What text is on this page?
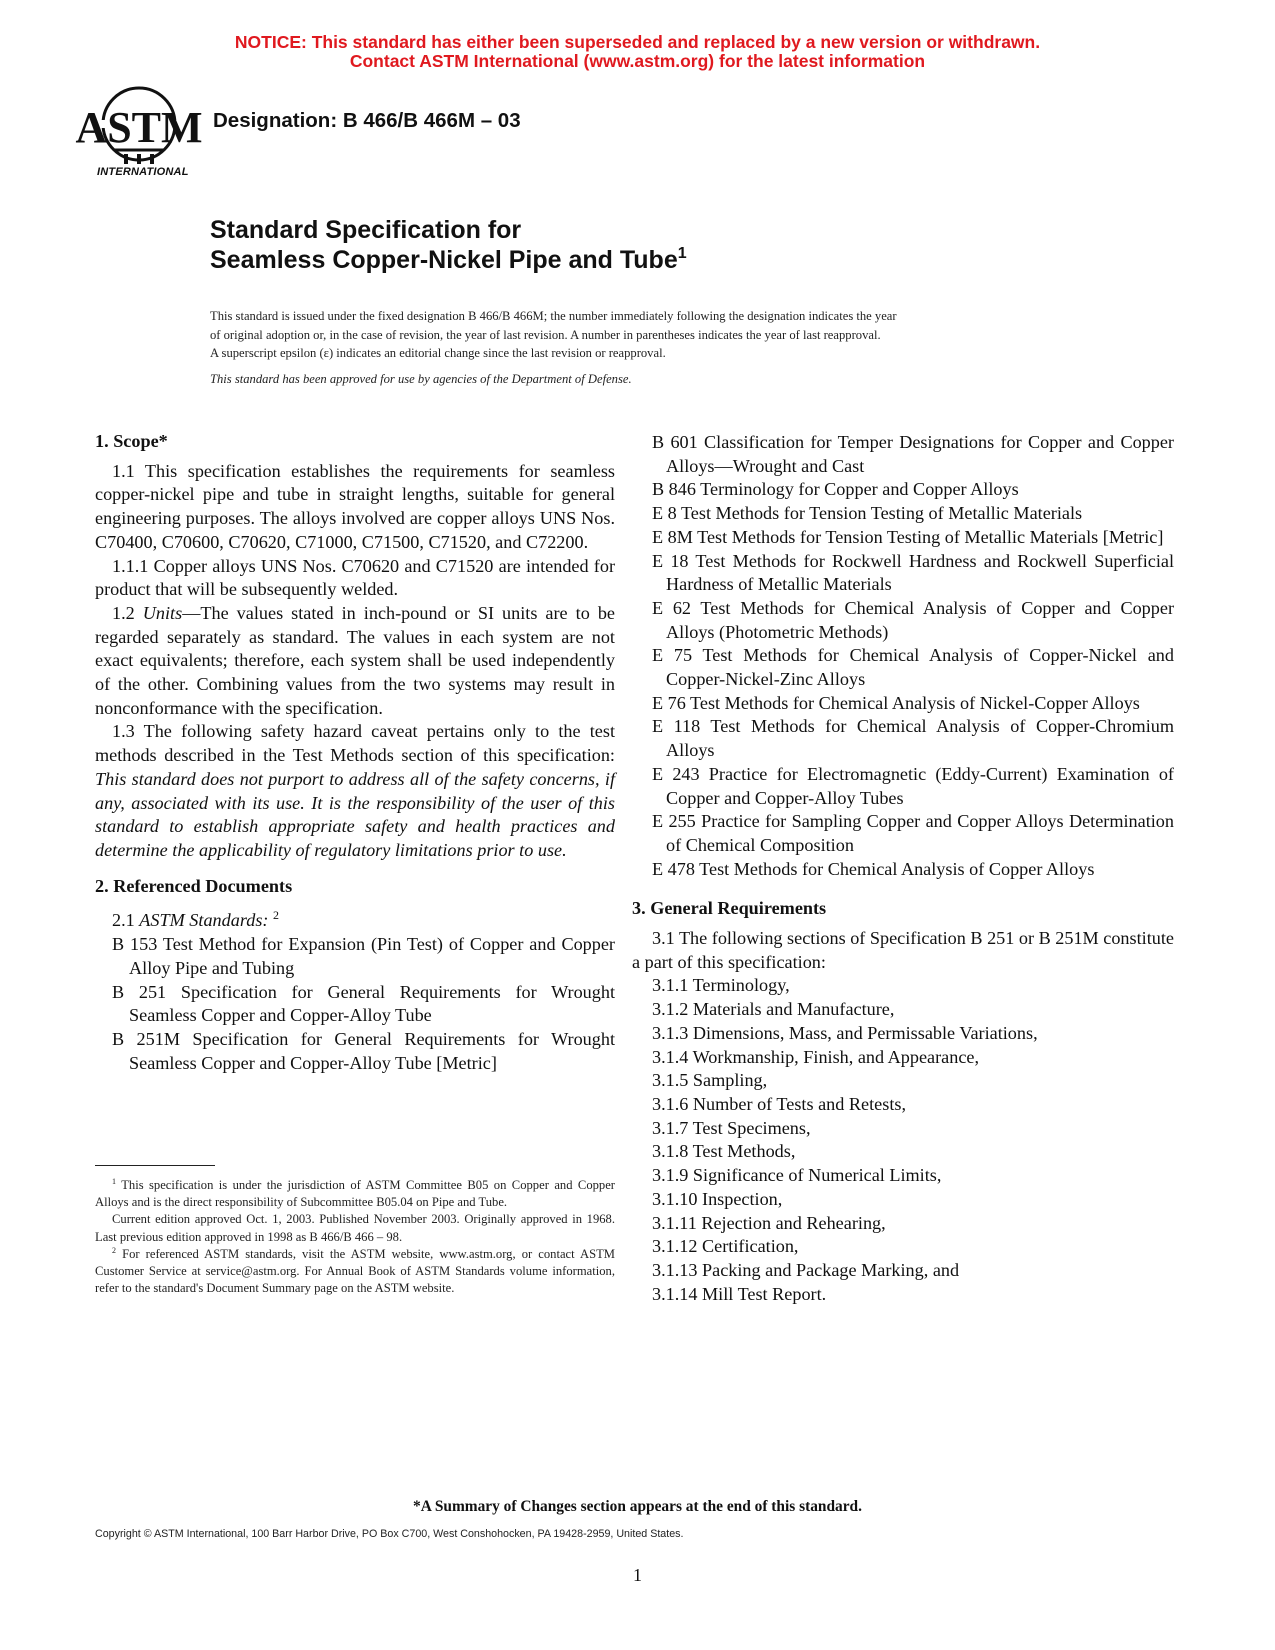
NOTICE: This standard has either been superseded and replaced by a new version or withdrawn.
Contact ASTM International (www.astm.org) for the latest information
ASTM
INTERNATIONAL
Designation: B 466/B 466M – 03
Standard Specification for
Seamless Copper-Nickel Pipe and Tube$^1$
This standard is issued under the fixed designation B 466/B 466M; the number immediately following the designation indicates the year
of original adoption or, in the case of revision, the year of last revision. A number in parentheses indicates the year of last reapproval.
A superscript epsilon (ε) indicates an editorial change since the last revision or reapproval.
This standard has been approved for use by agencies of the Department of Defense.
1. Scope*

1.1 This specification establishes the requirements for seamless copper-nickel pipe and tube in straight lengths, suitable for general engineering purposes. The alloys involved are copper alloys UNS Nos. C70400, C70600, C70620, C71000, C71500, C71520, and C72200.

1.1.1 Copper alloys UNS Nos. C70620 and C71520 are intended for product that will be subsequently welded.

1.2 Units—The values stated in inch-pound or SI units are to be regarded separately as standard. The values in each system are not exact equivalents; therefore, each system shall be used independently of the other. Combining values from the two systems may result in nonconformance with the specification.

1.3 The following safety hazard caveat pertains only to the test methods described in the Test Methods section of this specification: This standard does not purport to address all of the safety concerns, if any, associated with its use. It is the responsibility of the user of this standard to establish appropriate safety and health practices and determine the applicability of regulatory limitations prior to use.

2. Referenced Documents
2.1 ASTM Standards: $^2$

B 153 Test Method for Expansion (Pin Test) of Copper and Copper Alloy Pipe and Tubing

B 251 Specification for General Requirements for Wrought Seamless Copper and Copper-Alloy Tube

B 251M Specification for General Requirements for Wrought Seamless Copper and Copper-Alloy Tube [Metric]

B 601 Classification for Temper Designations for Copper and Copper Alloys—Wrought and Cast

B 846 Terminology for Copper and Copper Alloys

E 8 Test Methods for Tension Testing of Metallic Materials

E 8M Test Methods for Tension Testing of Metallic Materials [Metric]

E 18 Test Methods for Rockwell Hardness and Rockwell Superficial Hardness of Metallic Materials

E 62 Test Methods for Chemical Analysis of Copper and Copper Alloys (Photometric Methods)

E 75 Test Methods for Chemical Analysis of Copper-Nickel and Copper-Nickel-Zinc Alloys

E 76 Test Methods for Chemical Analysis of Nickel-Copper Alloys

E 118 Test Methods for Chemical Analysis of Copper-Chromium Alloys

E 243 Practice for Electromagnetic (Eddy-Current) Examination of Copper and Copper-Alloy Tubes

E 255 Practice for Sampling Copper and Copper Alloys Determination of Chemical Composition

E 478 Test Methods for Chemical Analysis of Copper Alloys

3. General Requirements

3.1 The following sections of Specification B 251 or B 251M constitute a part of this specification:

3.1.1 Terminology,
3.1.2 Materials and Manufacture,
3.1.3 Dimensions, Mass, and Permissable Variations,
3.1.4 Workmanship, Finish, and Appearance,
3.1.5 Sampling,
3.1.6 Number of Tests and Retests,
3.1.7 Test Specimens,
3.1.8 Test Methods,
3.1.9 Significance of Numerical Limits,
3.1.10 Inspection,
3.1.11 Rejection and Rehearing,
3.1.12 Certification,
3.1.13 Packing and Package Marking, and
3.1.14 Mill Test Report.

$^1$ This specification is under the jurisdiction of ASTM Committee B05 on Copper and Copper Alloys and is the direct responsibility of Subcommittee B05.04 on Pipe and Tube.

Current edition approved Oct. 1, 2003. Published November 2003. Originally approved in 1968. Last previous edition approved in 1998 as B 466/B 466 – 98.

$^2$ For referenced ASTM standards, visit the ASTM website, www.astm.org, or contact ASTM Customer Service at service@astm.org. For Annual Book of ASTM Standards volume information, refer to the standard's Document Summary page on the ASTM website.

*A Summary of Changes section appears at the end of this standard.
Copyright © ASTM International, 100 Barr Harbor Drive, PO Box C700, West Conshohocken, PA 19428-2959, United States.
1
